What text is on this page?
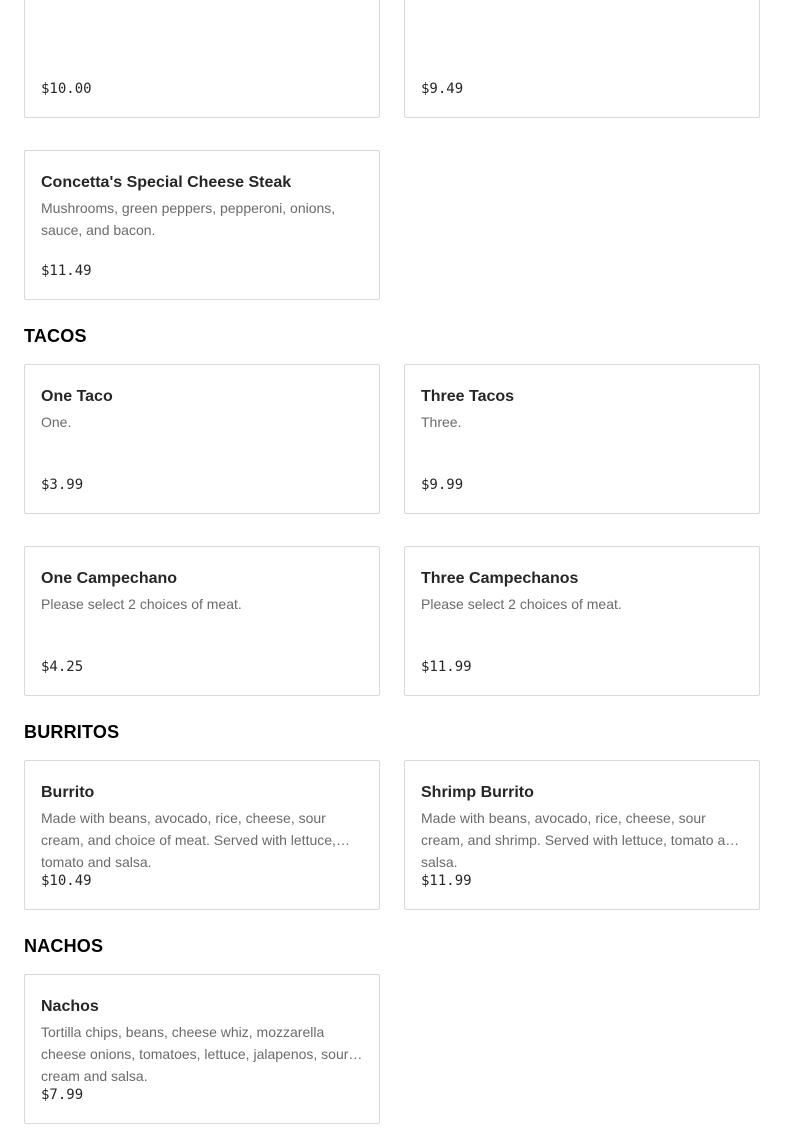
$10.00	$9.49
Concetta's Special Cheese Steak
Mushrooms, green peppers, pepperoni, onions, sauce, and bacon.
$11.49
TACOS
One Taco
One.
$3.99
Three Tacos
Three.
$9.99
One Campechano
Please select 2 choices of meat.
$4.25
Three Campechanos
Please select 2 choices of meat.
$11.99
BURRITOS
Burrito
Made with beans, avocado, rice, cheese, sour cream, and choice of meat. Served with lettuce, tomato and salsa.
$10.49
Shrimp Burrito
Made with beans, avocado, rice, cheese, sour cream, and shrimp. Served with lettuce, tomato and salsa.
$11.99
NACHOS
Nachos
Tortilla chips, beans, cheese whiz, mozzarella cheese onions, tomatoes, lettuce, jalapenos, sour cream and salsa.
$7.99
